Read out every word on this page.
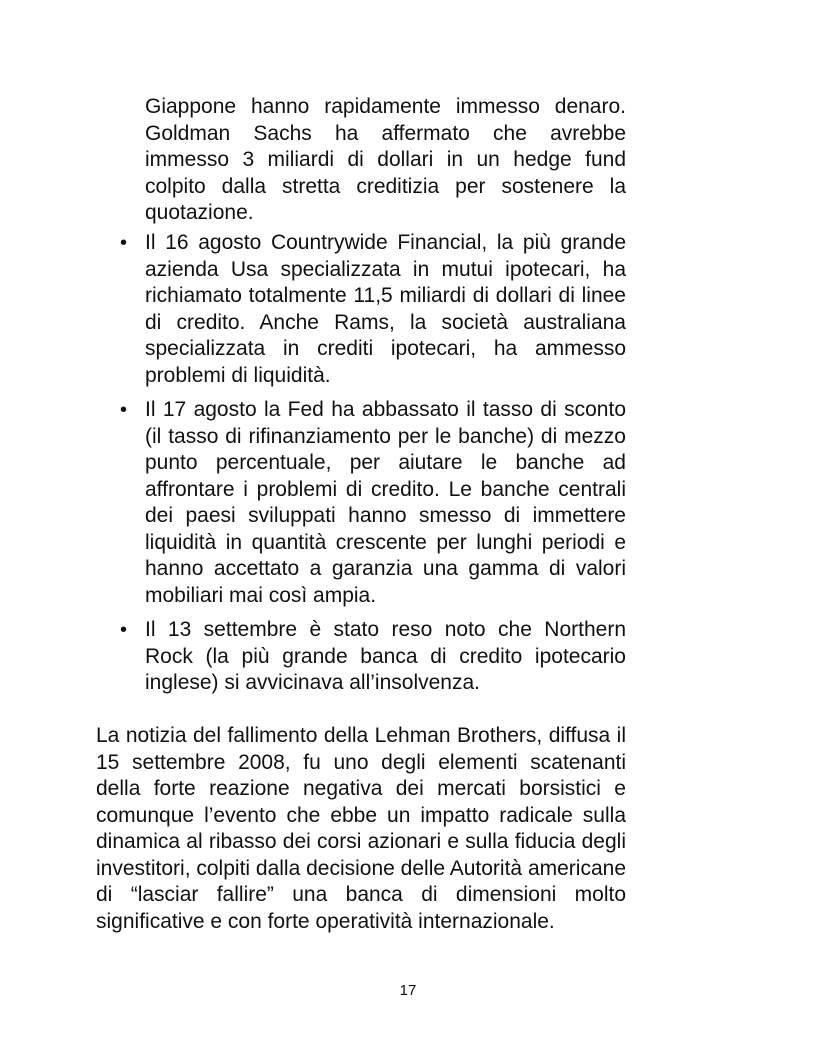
Giappone hanno rapidamente immesso denaro. Goldman Sachs ha affermato che avrebbe immesso 3 miliardi di dollari in un hedge fund colpito dalla stretta creditizia per sostenere la quotazione.

• Il 16 agosto Countrywide Financial, la più grande azienda Usa specializzata in mutui ipotecari, ha richiamato totalmente 11,5 miliardi di dollari di linee di credito. Anche Rams, la società australiana specializzata in crediti ipotecari, ha ammesso problemi di liquidità.
• Il 17 agosto la Fed ha abbassato il tasso di sconto (il tasso di rifinanziamento per le banche) di mezzo punto percentuale, per aiutare le banche ad affrontare i problemi di credito. Le banche centrali dei paesi sviluppati hanno smesso di immettere liquidità in quantità crescente per lunghi periodi e hanno accettato a garanzia una gamma di valori mobiliari mai così ampia.
• Il 13 settembre è stato reso noto che Northern Rock (la più grande banca di credito ipotecario inglese) si avvicinava all’insolvenza.

La notizia del fallimento della Lehman Brothers, diffusa il 15 settembre 2008, fu uno degli elementi scatenanti della forte reazione negativa dei mercati borsistici e comunque l’evento che ebbe un impatto radicale sulla dinamica al ribasso dei corsi azionari e sulla fiducia degli investitori, colpiti dalla decisione delle Autorità americane di “lasciar fallire” una banca di dimensioni molto significative e con forte operatività internazionale.

17
